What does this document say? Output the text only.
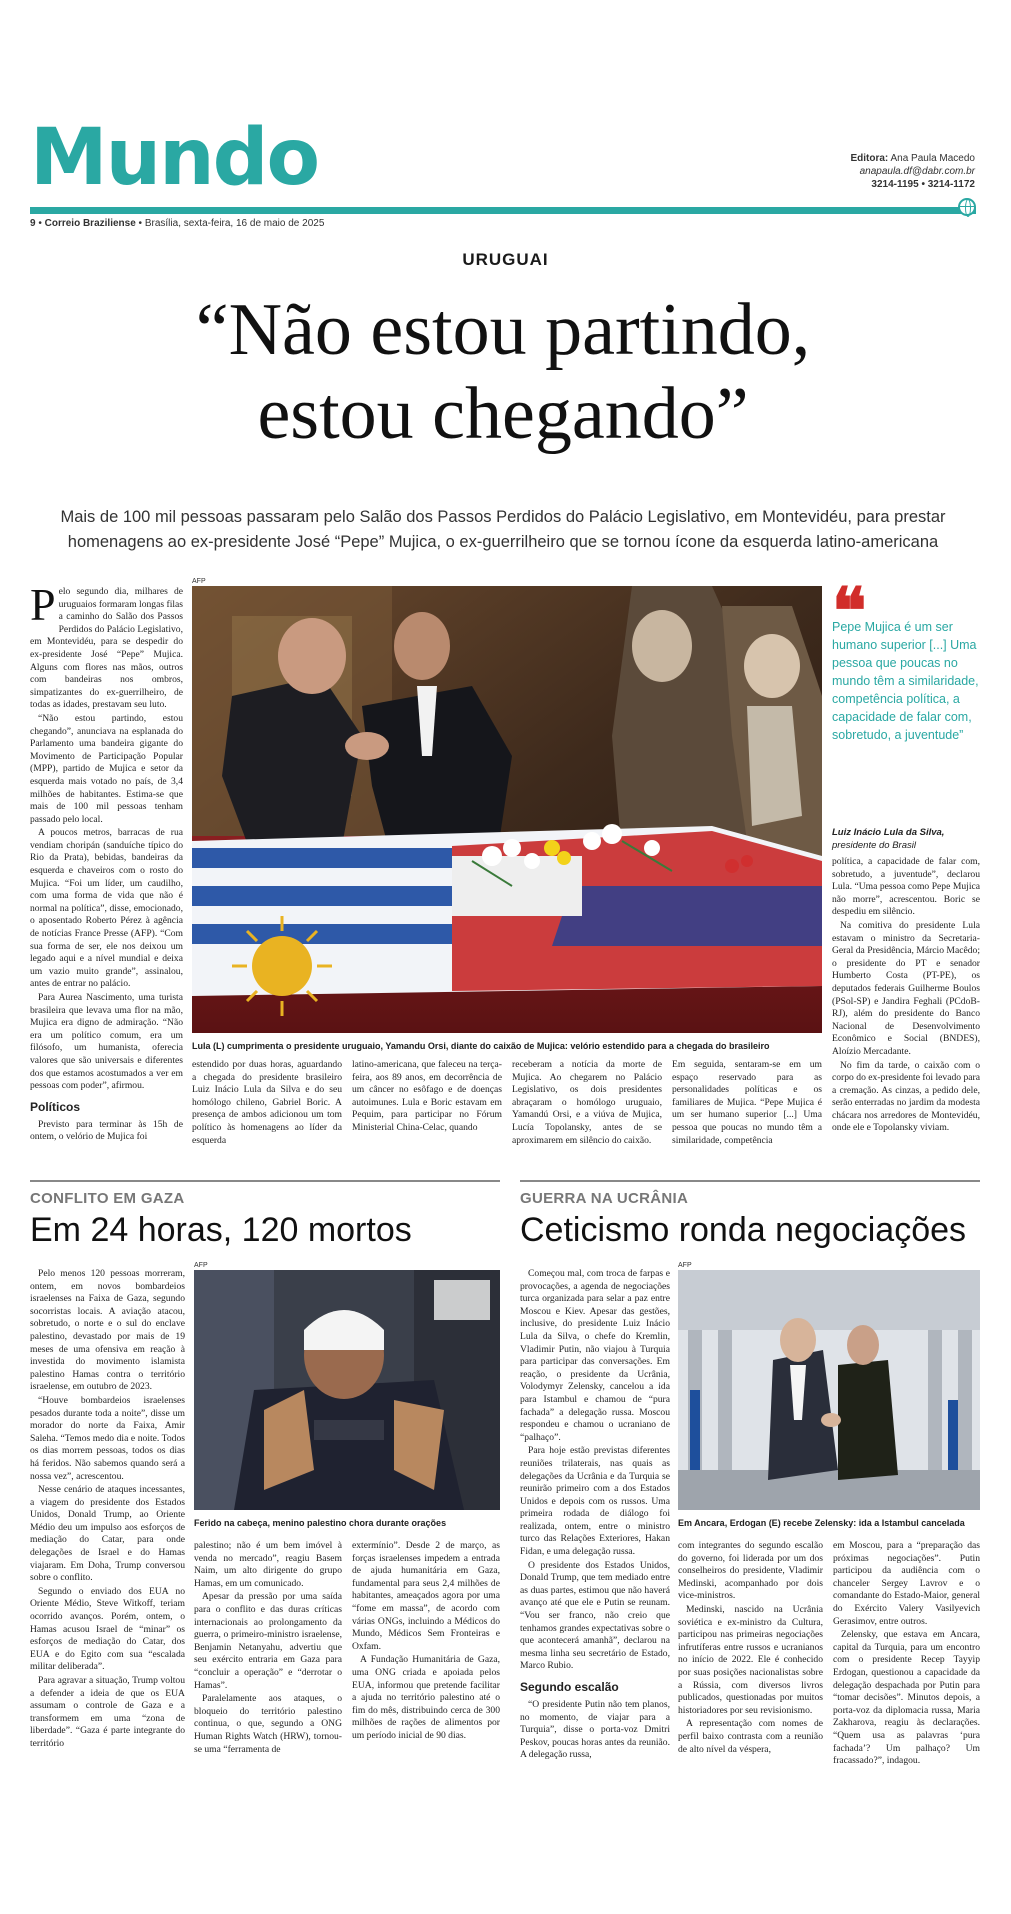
Mundo	Editora: Ana Paula Macedo
anapaula.df@dabr.com.br
3214-1195 • 3214-1172
9 • Correio Braziliense • Brasília, sexta-feira, 16 de maio de 2025
URUGUAI
“Não estou partindo,
estou chegando”
Mais de 100 mil pessoas passaram pelo Salão dos Passos Perdidos do Palácio Legislativo, em Montevidéu, para prestar homenagens ao ex-presidente José “Pepe” Mujica, o ex-guerrilheiro que se tornou ícone da esquerda latino-americana
P elo segundo dia, milhares de uruguaios formaram longas filas a caminho do Salão dos Passos Perdidos do Palácio Legislativo, em Montevidéu, para se despedir do ex-presidente José “Pepe” Mujica. Alguns com flores nas mãos, outros com bandeiras nos ombros, simpatizantes do ex-guerrilheiro, de todas as idades, prestavam seu luto.

“Não estou partindo, estou chegando”, anunciava na esplanada do Parlamento uma bandeira gigante do Movimento de Participação Popular (MPP), partido de Mujica e setor da esquerda mais votado no país, de 3,4 milhões de habitantes. Estima-se que mais de 100 mil pessoas tenham passado pelo local.

A poucos metros, barracas de rua vendiam choripán (sanduíche típico do Rio da Prata), bebidas, bandeiras da esquerda e chaveiros com o rosto do Mujica. “Foi um líder, um caudilho, com uma forma de vida que não é normal na política”, disse, emocionado, o aposentado Roberto Pérez à agência de notícias France Presse (AFP). “Com sua forma de ser, ele nos deixou um legado aqui e a nível mundial e deixa um vazio muito grande”, assinalou, antes de entrar no palácio.

Para Aurea Nascimento, uma turista brasileira que levava uma flor na mão, Mujica era digno de admiração. “Não era um político comum, era um filósofo, um humanista, oferecia valores que são universais e diferentes dos que estamos acostumados a ver em pessoas com poder”, afirmou.

Políticos

Previsto para terminar às 15h de ontem, o velório de Mujica foi

AFP
Lula (L) cumprimenta o presidente uruguaio, Yamandu Orsi, diante do caixão de Mujica: velório estendido para a chegada do brasileiro
❝
Pepe Mujica é um ser humano superior [...] Uma pessoa que poucas no mundo têm a similaridade, competência política, a capacidade de falar com, sobretudo, a juventude”
Luiz Inácio Lula da Silva,
presidente do Brasil

política, a capacidade de falar com, sobretudo, a juventude”, declarou Lula. “Uma pessoa como Pepe Mujica não morre”, acrescentou. Boric se despediu em silêncio.

Na comitiva do presidente Lula estavam o ministro da Secretaria-Geral da Presidência, Márcio Macêdo; o presidente do PT e senador Humberto Costa (PT-PE), os deputados federais Guilherme Boulos (PSol-SP) e Jandira Feghali (PCdoB-RJ), além do presidente do Banco Nacional de Desenvolvimento Econômico e Social (BNDES), Aloízio Mercadante.

No fim da tarde, o caixão com o corpo do ex-presidente foi levado para a cremação. As cinzas, a pedido dele, serão enterradas no jardim da modesta chácara nos arredores de Montevidéu, onde ele e Topolansky viviam.

estendido por duas horas, aguardando a chegada do presidente brasileiro Luiz Inácio Lula da Silva e do seu homólogo chileno, Gabriel Boric. A presença de ambos adicionou um tom político às homenagens ao líder da esquerda
latino-americana, que faleceu na terça-feira, aos 89 anos, em decorrência de um câncer no esôfago e de doenças autoimunes. Lula e Boric estavam em Pequim, para participar no Fórum Ministerial China-Celac, quando
receberam a notícia da morte de Mujica. Ao chegarem no Palácio Legislativo, os dois presidentes abraçaram o homólogo uruguaio, Yamandú Orsi, e a viúva de Mujica, Lucía Topolansky, antes de se aproximarem em silêncio do caixão.
Em seguida, sentaram-se em um espaço reservado para as personalidades políticas e os familiares de Mujica. “Pepe Mujica é um ser humano superior [...] Uma pessoa que poucas no mundo têm a similaridade, competência
CONFLITO EM GAZA
Em 24 horas, 120 mortos

Pelo menos 120 pessoas morreram, ontem, em novos bombardeios israelenses na Faixa de Gaza, segundo socorristas locais. A aviação atacou, sobretudo, o norte e o sul do enclave palestino, devastado por mais de 19 meses de uma ofensiva em reação à investida do movimento islamista palestino Hamas contra o território israelense, em outubro de 2023.

“Houve bombardeios israelenses pesados durante toda a noite”, disse um morador do norte da Faixa, Amir Saleha. “Temos medo dia e noite. Todos os dias morrem pessoas, todos os dias há feridos. Não sabemos quando será a nossa vez”, acrescentou.

Nesse cenário de ataques incessantes, a viagem do presidente dos Estados Unidos, Donald Trump, ao Oriente Médio deu um impulso aos esforços de mediação do Catar, para onde delegações de Israel e do Hamas viajaram. Em Doha, Trump conversou sobre o conflito.

Segundo o enviado dos EUA no Oriente Médio, Steve Witkoff, teriam ocorrido avanços. Porém, ontem, o Hamas acusou Israel de “minar” os esforços de mediação do Catar, dos EUA e do Egito com sua “escalada militar deliberada”.

Para agravar a situação, Trump voltou a defender a ideia de que os EUA assumam o controle de Gaza e a transformem em uma “zona de liberdade”. “Gaza é parte integrante do território

AFP
Ferido na cabeça, menino palestino chora durante orações

palestino; não é um bem imóvel à venda no mercado”, reagiu Basem Naim, um alto dirigente do grupo Hamas, em um comunicado.

Apesar da pressão por uma saída para o conflito e das duras críticas internacionais ao prolongamento da guerra, o primeiro-ministro israelense, Benjamin Netanyahu, advertiu que seu exército entraria em Gaza para “concluir a operação” e “derrotar o Hamas”.

Paralelamente aos ataques, o bloqueio do território palestino continua, o que, segundo a ONG Human Rights Watch (HRW), tornou-se uma “ferramenta de

extermínio”. Desde 2 de março, as forças israelenses impedem a entrada de ajuda humanitária em Gaza, fundamental para seus 2,4 milhões de habitantes, ameaçados agora por uma “fome em massa”, de acordo com várias ONGs, incluindo a Médicos do Mundo, Médicos Sem Fronteiras e Oxfam.

A Fundação Humanitária de Gaza, uma ONG criada e apoiada pelos EUA, informou que pretende facilitar a ajuda no território palestino até o fim do mês, distribuindo cerca de 300 milhões de rações de alimentos por um período inicial de 90 dias.

GUERRA NA UCRÂNIA
Ceticismo ronda negociações

Começou mal, com troca de farpas e provocações, a agenda de negociações turca organizada para selar a paz entre Moscou e Kiev. Apesar das gestões, inclusive, do presidente Luiz Inácio Lula da Silva, o chefe do Kremlin, Vladimir Putin, não viajou à Turquia para participar das conversações. Em reação, o presidente da Ucrânia, Volodymyr Zelensky, cancelou a ida para Istambul e chamou de “pura fachada” a delegação russa. Moscou respondeu e chamou o ucraniano de “palhaço”.

Para hoje estão previstas diferentes reuniões trilaterais, nas quais as delegações da Ucrânia e da Turquia se reunirão primeiro com a dos Estados Unidos e depois com os russos. Uma primeira rodada de diálogo foi realizada, ontem, entre o ministro turco das Relações Exteriores, Hakan Fidan, e uma delegação russa.

O presidente dos Estados Unidos, Donald Trump, que tem mediado entre as duas partes, estimou que não haverá avanço até que ele e Putin se reunam. “Vou ser franco, não creio que tenhamos grandes expectativas sobre o que acontecerá amanhã”, declarou na mesma linha seu secretário de Estado, Marco Rubio.

Segundo escalão

“O presidente Putin não tem planos, no momento, de viajar para a Turquia”, disse o porta-voz Dmitri Peskov, poucas horas antes da reunião. A delegação russa,

AFP
Em Ancara, Erdogan (E) recebe Zelensky: ida a Istambul cancelada

com integrantes do segundo escalão do governo, foi liderada por um dos conselheiros do presidente, Vladimir Medinski, acompanhado por dois vice-ministros.

Medinski, nascido na Ucrânia soviética e ex-ministro da Cultura, participou nas primeiras negociações infrutíferas entre russos e ucranianos no início de 2022. Ele é conhecido por suas posições nacionalistas sobre a Rússia, com diversos livros publicados, questionadas por muitos historiadores por seu revisionismo.

A representação com nomes de perfil baixo contrasta com a reunião de alto nível da véspera,

em Moscou, para a “preparação das próximas negociações”. Putin participou da audiência com o chanceler Sergey Lavrov e o comandante do Estado-Maior, general do Exército Valery Vasilyevich Gerasimov, entre outros.

Zelensky, que estava em Ancara, capital da Turquia, para um encontro com o presidente Recep Tayyip Erdogan, questionou a capacidade da delegação despachada por Putin para “tomar decisões”. Minutos depois, a porta-voz da diplomacia russa, Maria Zakharova, reagiu às declarações. “Quem usa as palavras ‘pura fachada’? Um palhaço? Um fracassado?”, indagou.
